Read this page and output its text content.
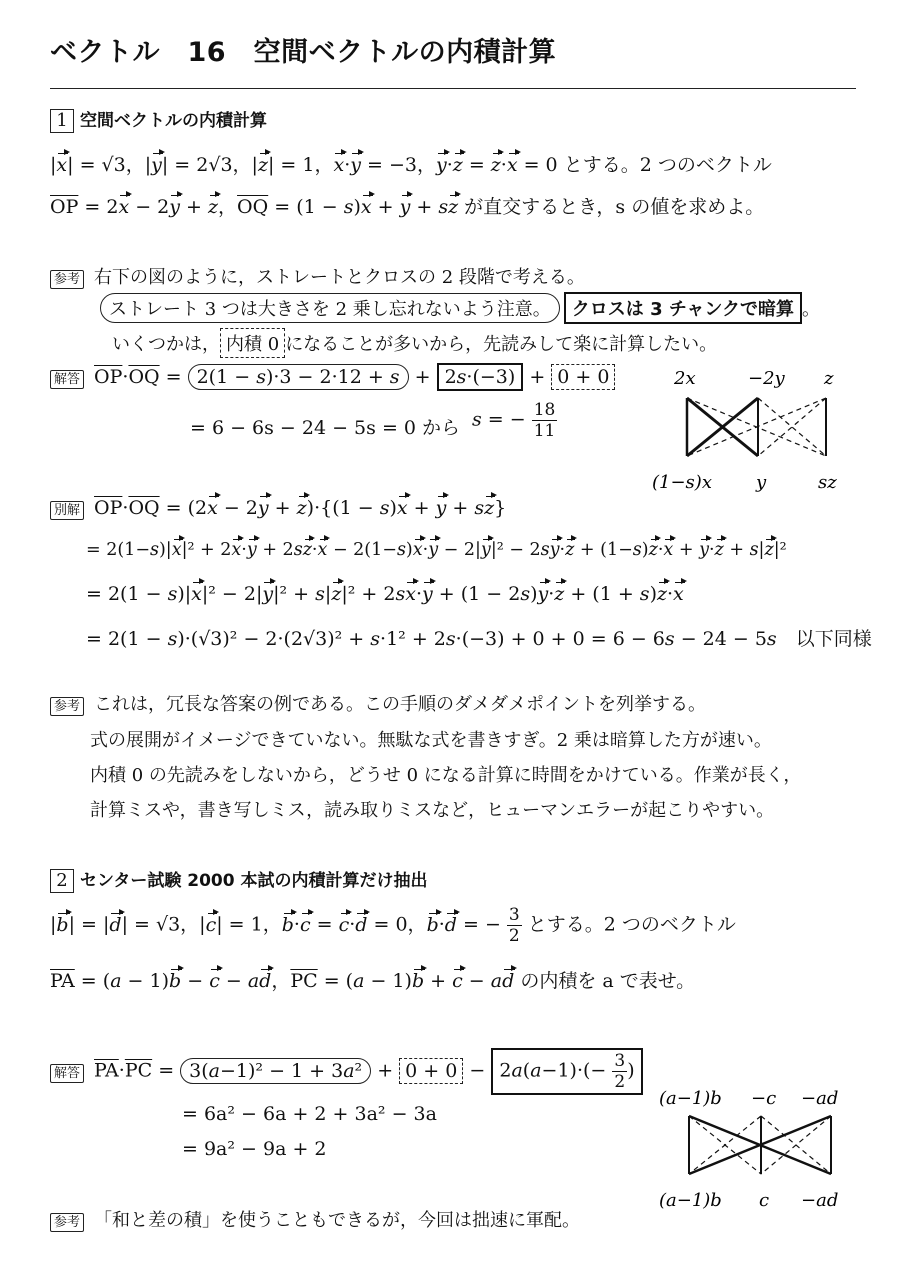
ベクトル　16　空間ベクトルの内積計算
1 空間ベクトルの内積計算
|x| = √3，|y| = 2√3，|z| = 1，x·y = −3，y·z = z·x = 0 とする。2 つのベクトル
$\overline{OP} = 2x - 2y + z$，$\overline{OQ} = (1 - s)x + y$ + sz が直交するとき，s の値を求めよ。
参考 右下の図のように，ストレートとクロスの 2 段階で考える。
ストレート 3 つは大きさを 2 乗し忘れないよう注意。 クロスは 3 チャンクで暗算 。
いくつかは， 内積 0 になることが多いから，先読みして楽に計算したい。
解答 $\overline{OP}\cdot\overline{OQ} = 2(1 - s)\cdot 3 - 2\cdot 12 + s + 2s\cdot(-3) + 0 + 0$
= 6 − 6s − 24 − 5s = 0 から s = − $\frac{18}{11}$
2x	−2y z
(1−s)x y	sz
別解 $\overline{OP}\cdot\overline{OQ} = (2x - 2y + z)\cdot\{(1 - s)x + y + sz\}$
= 2(1−s)|x|² + 2x·y + 2sz·x − 2(1−s)x·y − 2|y|² − 2sy·z + (1−s)z·x + y·z + s|z|²
= 2(1 − s)|x|² − 2|y|² + s|z|² + 2sx·y + (1 − 2s)y·z + (1 + s)z·x
= 2(1 − s)·(√3)² − 2·(2√3)² + s·1² + 2s·(−3) + 0 + 0 = 6 − 6s − 24 − 5s　 以下同様
参考 これは，冗長な答案の例である。この手順のダメダメポイントを列挙する。
式の展開がイメージできていない。無駄な式を書きすぎ。2 乗は暗算した方が速い。
内積 0 の先読みをしないから，どうせ 0 になる計算に時間をかけている。作業が長く，
計算ミスや，書き写しミス，読み取りミスなど，ヒューマンエラーが起こりやすい。
2 センター試験 2000 本試の内積計算だけ抽出
|b| = |d| = √3，|c| = 1，b·c = c·d = 0，b·d = − $\frac{3}{2}$ とする。2 つのベクトル
$\overline{PA} = (a - 1)b - c$ − ad，$\overline{PC} = (a - 1)b + c$ − ad の内積を a で表せ。
解答 $\overline{PA}\cdot\overline{PC} = 3(a-1)^2 - 1 + 3a^2 + 0 + 0 - 2a(a-1)\cdot(- \frac{3}{2}$ )
= 6a² − 6a + 2 + 3a² − 3a
= 9a² − 9a + 2
(a−1)b −c −ad
(a−1)b c −ad
参考 「和と差の積」を使うこともできるが，今回は拙速に軍配。
